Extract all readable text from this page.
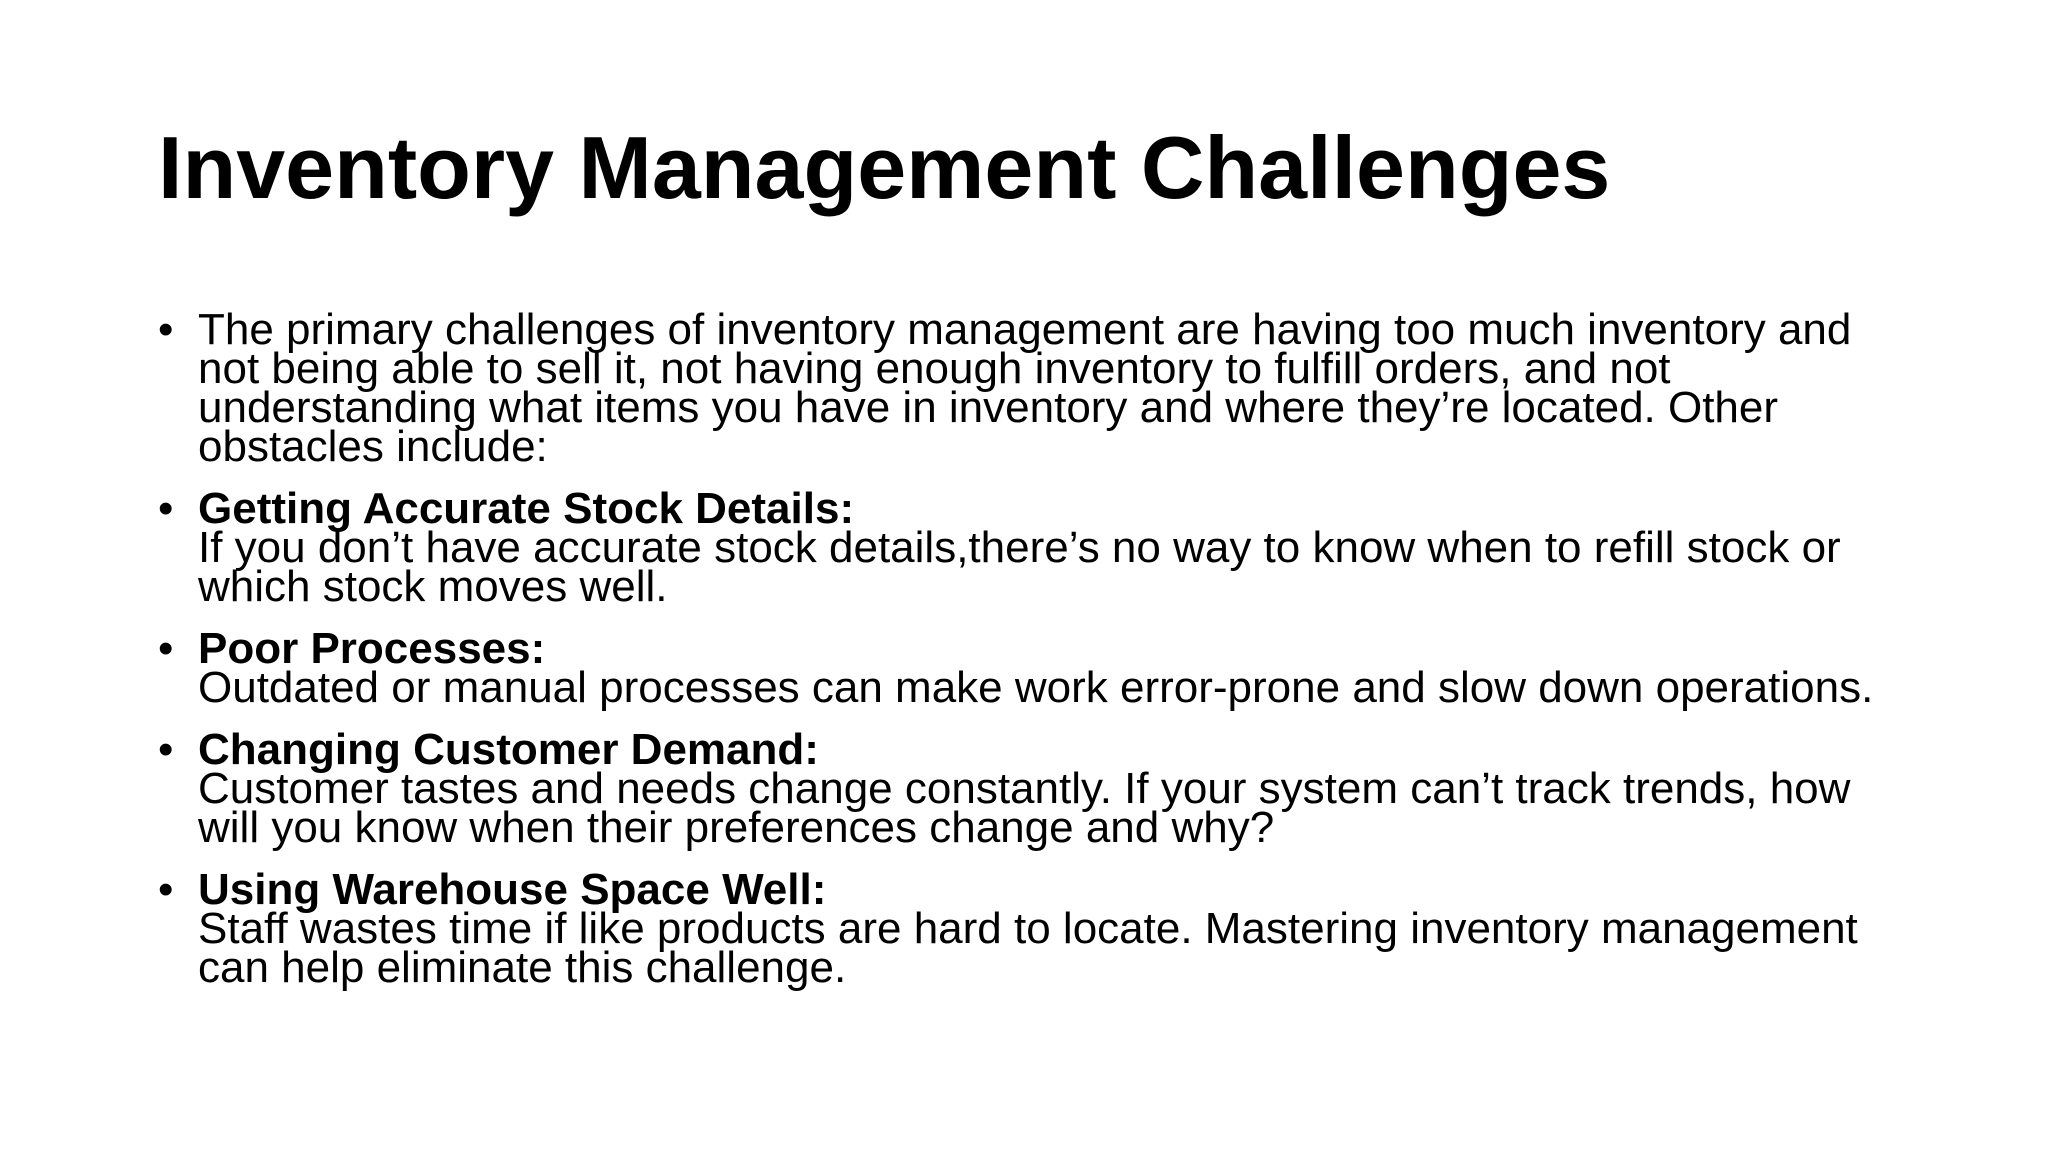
Inventory Management Challenges
• The primary challenges of inventory management are having too much inventory and not being able to sell it, not having enough inventory to fulfill orders, and not understanding what items you have in inventory and where they’re located. Other obstacles include:
• Getting Accurate Stock Details:
If you don’t have accurate stock details,there’s no way to know when to refill stock or which stock moves well.
• Poor Processes:
Outdated or manual processes can make work error-prone and slow down operations.
• Changing Customer Demand:
Customer tastes and needs change constantly. If your system can’t track trends, how will you know when their preferences change and why?
• Using Warehouse Space Well:
Staff wastes time if like products are hard to locate. Mastering inventory management can help eliminate this challenge.
